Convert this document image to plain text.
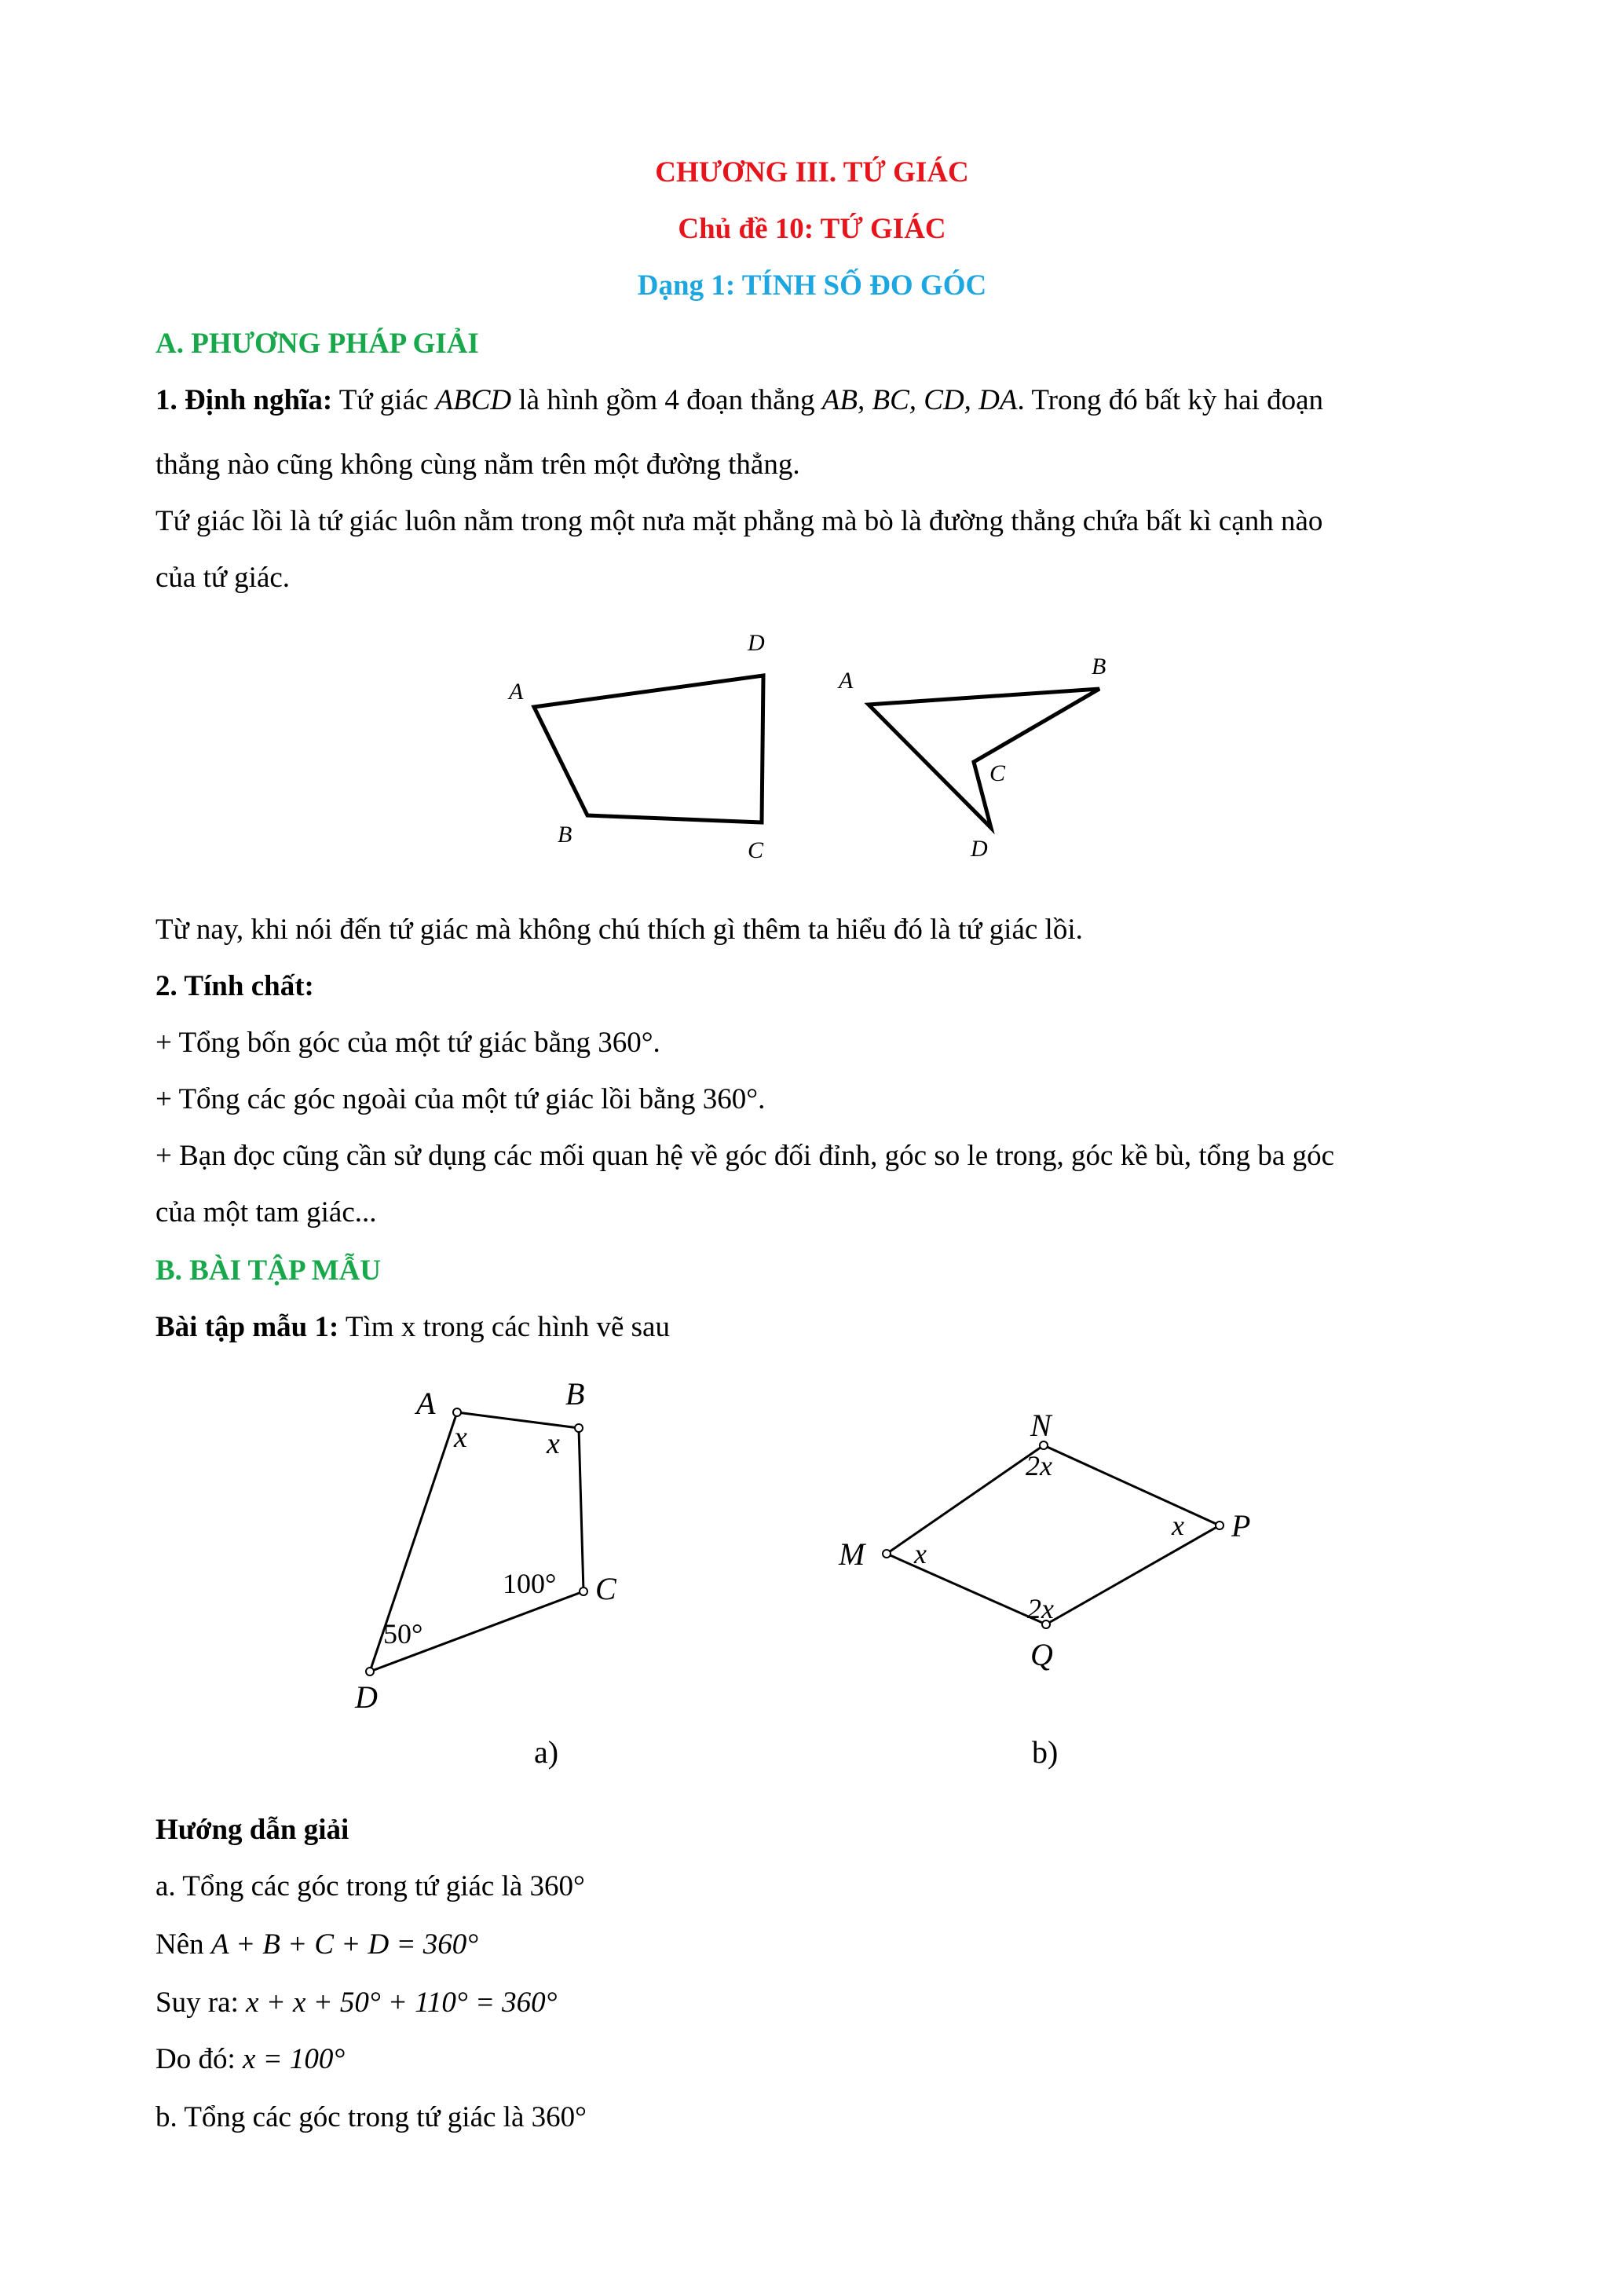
CHƯƠNG III. TỨ GIÁC
Chủ đề 10: TỨ GIÁC
Dạng 1: TÍNH SỐ ĐO GÓC
A. PHƯƠNG PHÁP GIẢI
1. Định nghĩa: Tứ giác ABCD là hình gồm 4 đoạn thẳng AB, BC, CD, DA. Trong đó bất kỳ hai đoạn
thẳng nào cũng không cùng nằm trên một đường thẳng.
Tứ giác lồi là tứ giác luôn nằm trong một nưa mặt phẳng mà bò là đường thẳng chứa bất kì cạnh nào
của tứ giác.
A
B
C
D
A
B
C
D
Từ nay, khi nói đến tứ giác mà không chú thích gì thêm ta hiểu đó là tứ giác lồi.
2. Tính chất:
+ Tổng bốn góc của một tứ giác bằng 360°.
+ Tổng các góc ngoài của một tứ giác lồi bằng 360°.
+ Bạn đọc cũng cần sử dụng các mối quan hệ về góc đối đỉnh, góc so le trong, góc kề bù, tổng ba góc
của một tam giác...
B. BÀI TẬP MẪU
Bài tập mẫu 1: Tìm x trong các hình vẽ sau
A	B
C
D
x	x
100°
50°
a)
N
M
P
Q
2x
x
x
2x
b)
Hướng dẫn giải
a. Tổng các góc trong tứ giác là 360°
Nên A + B + C + D = 360°
Suy ra: x + x + 50° + 110° = 360°
Do đó: x = 100°
b. Tổng các góc trong tứ giác là 360°
